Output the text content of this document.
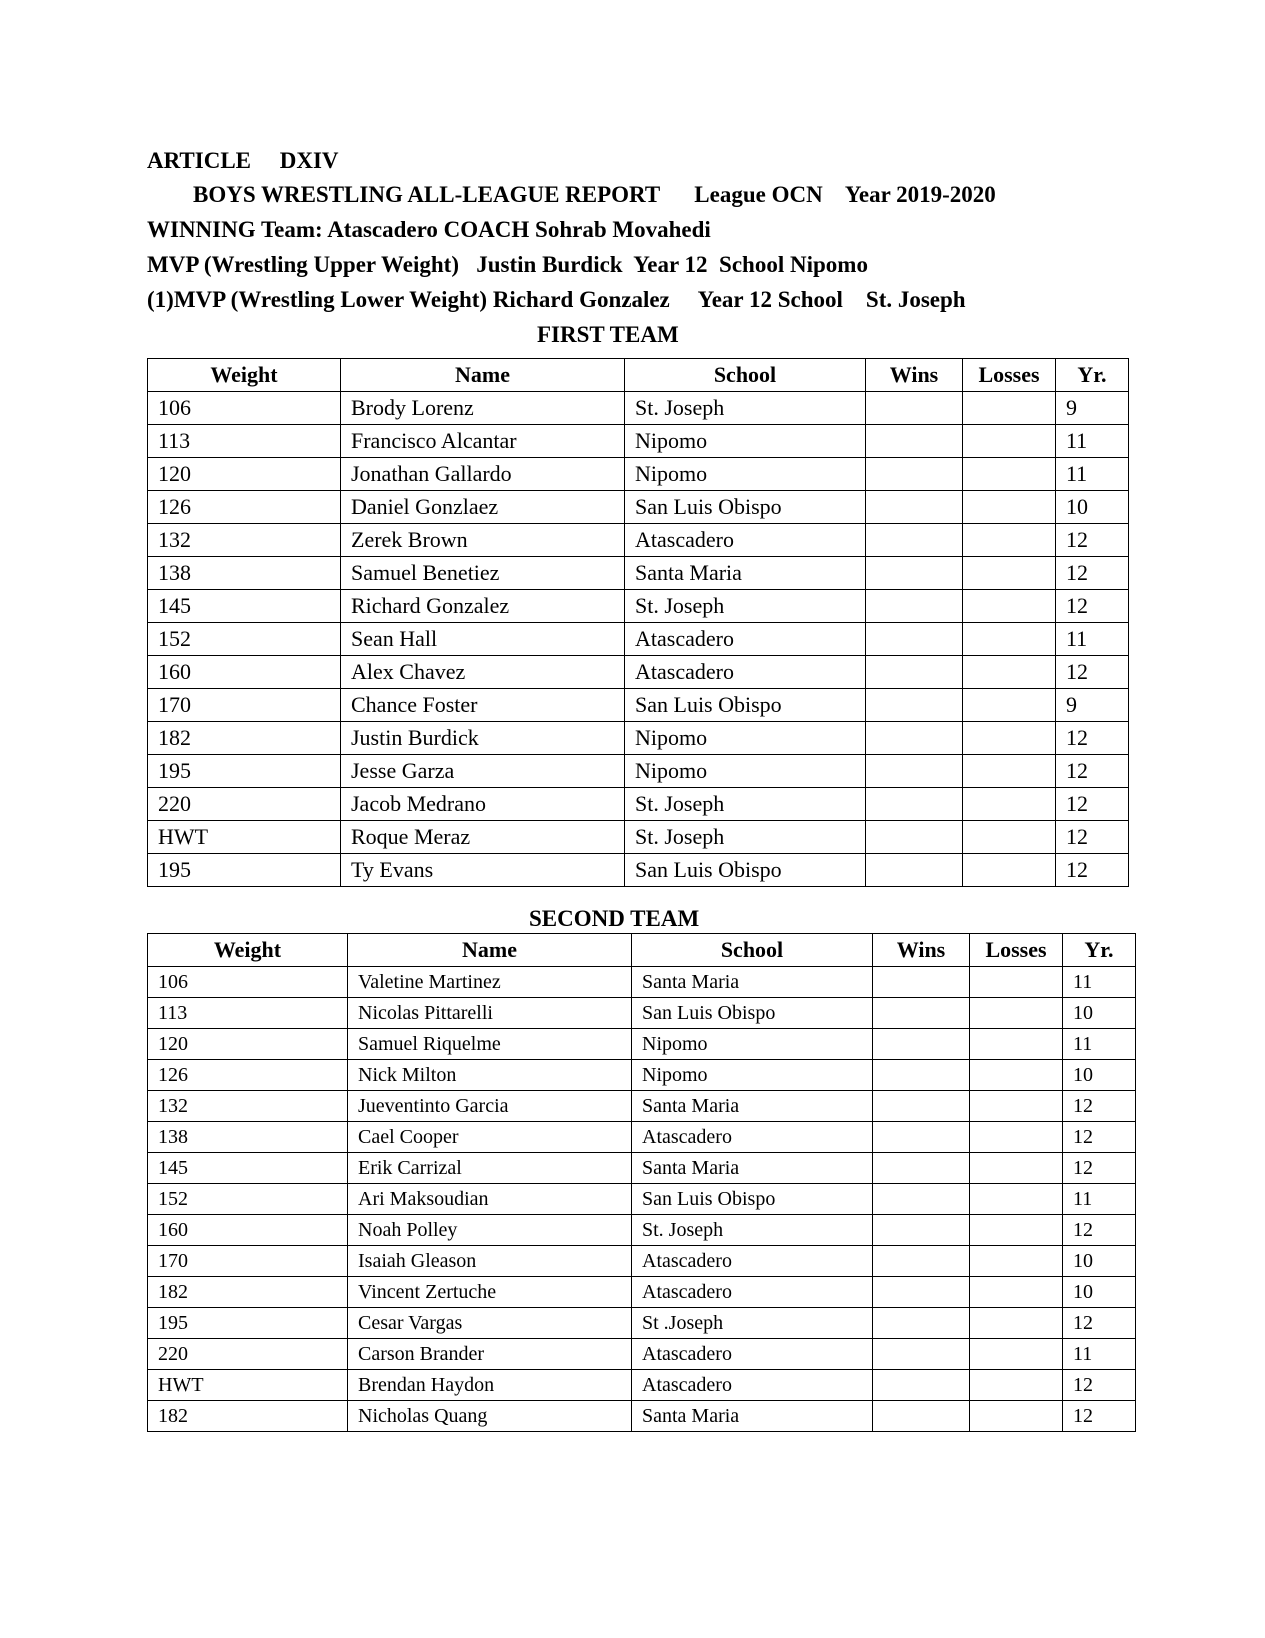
ARTICLE     DXIV
BOYS WRESTLING ALL-LEAGUE REPORT      League OCN    Year 2019-2020
WINNING Team: Atascadero COACH Sohrab Movahedi
MVP (Wrestling Upper Weight)   Justin Burdick  Year 12  School Nipomo
(1)MVP (Wrestling Lower Weight) Richard Gonzalez     Year 12 School    St. Joseph
FIRST TEAM
Weight	Name	School	Wins	Losses	Yr.
106	Brody Lorenz	St. Joseph			9
113	Francisco Alcantar	Nipomo			11
120	Jonathan Gallardo	Nipomo			11
126	Daniel Gonzlaez	San Luis Obispo			10
132	Zerek Brown	Atascadero			12
138	Samuel Benetiez	Santa Maria			12
145	Richard Gonzalez	St. Joseph			12
152	Sean Hall	Atascadero			11
160	Alex Chavez	Atascadero			12
170	Chance Foster	San Luis Obispo			9
182	Justin Burdick	Nipomo			12
195	Jesse Garza	Nipomo			12
220	Jacob Medrano	St. Joseph			12
HWT	Roque Meraz	St. Joseph			12
195	Ty Evans	San Luis Obispo			12
SECOND TEAM
Weight	Name	School	Wins	Losses	Yr.
106	Valetine Martinez	Santa Maria			11
113	Nicolas Pittarelli	San Luis Obispo			10
120	Samuel Riquelme	Nipomo			11
126	Nick Milton	Nipomo			10
132	Jueventinto Garcia	Santa Maria			12
138	Cael Cooper	Atascadero			12
145	Erik Carrizal	Santa Maria			12
152	Ari Maksoudian	San Luis Obispo			11
160	Noah Polley	St. Joseph			12
170	Isaiah Gleason	Atascadero			10
182	Vincent Zertuche	Atascadero			10
195	Cesar Vargas	St .Joseph			12
220	Carson Brander	Atascadero			11
HWT	Brendan Haydon	Atascadero			12
182	Nicholas Quang	Santa Maria			12
